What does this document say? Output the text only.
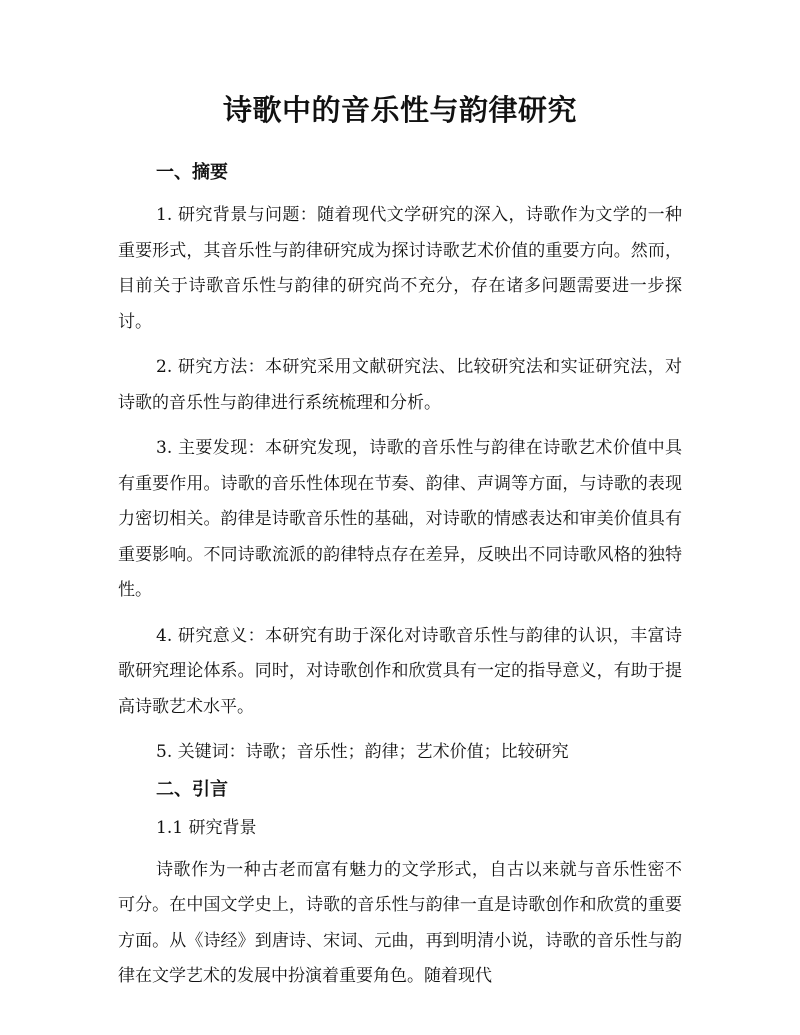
诗歌中的音乐性与韵律研究
一、摘要

1. 研究背景与问题：随着现代文学研究的深入，诗歌作为文学的一种重要形式，其音乐性与韵律研究成为探讨诗歌艺术价值的重要方向。然而，目前关于诗歌音乐性与韵律的研究尚不充分，存在诸多问题需要进一步探讨。

2. 研究方法：本研究采用文献研究法、比较研究法和实证研究法，对诗歌的音乐性与韵律进行系统梳理和分析。

3. 主要发现：本研究发现，诗歌的音乐性与韵律在诗歌艺术价值中具有重要作用。诗歌的音乐性体现在节奏、韵律、声调等方面，与诗歌的表现力密切相关。韵律是诗歌音乐性的基础，对诗歌的情感表达和审美价值具有重要影响。不同诗歌流派的韵律特点存在差异，反映出不同诗歌风格的独特性。

4. 研究意义：本研究有助于深化对诗歌音乐性与韵律的认识，丰富诗歌研究理论体系。同时，对诗歌创作和欣赏具有一定的指导意义，有助于提高诗歌艺术水平。

5. 关键词：诗歌；音乐性；韵律；艺术价值；比较研究

二、引言
1.1 研究背景

诗歌作为一种古老而富有魅力的文学形式，自古以来就与音乐性密不可分。在中国文学史上，诗歌的音乐性与韵律一直是诗歌创作和欣赏的重要方面。从《诗经》到唐诗、宋词、元曲，再到明清小说，诗歌的音乐性与韵律在文学艺术的发展中扮演着重要角色。随着现代
